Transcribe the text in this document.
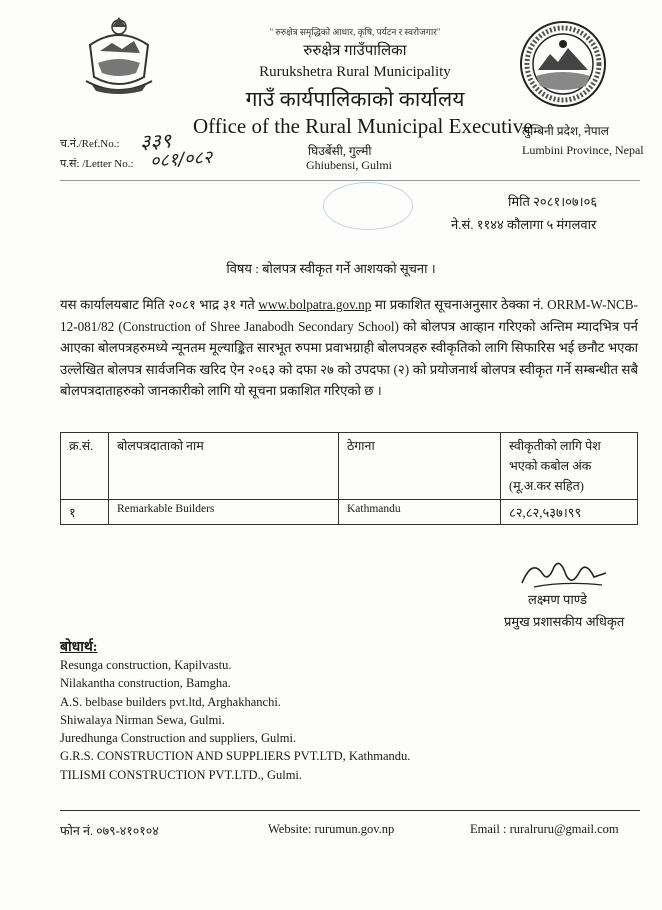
" रुरुक्षेत्र समृद्धिको आधार, कृषि, पर्यटन र स्वरोजगार"
रुरुक्षेत्र गाउँपालिका
Rurukshetra Rural Municipality
गाउँ कार्यपालिकाको कार्यालय
Office of the Rural Municipal Executive
घिउर्बेसी, गुल्मी
Ghiubensi, Gulmi
लुम्बिनी प्रदेश, नेपाल
Lumbini Province, Nepal
च.नं./Ref.No.: ३३९
प.सं: /Letter No.: ०८१/०८२
मिति २०८१।०७।०६
ने.सं. ११४४ कौलागा ५ मंगलवार
विषय : बोलपत्र स्वीकृत गर्ने आशयको सूचना ।

यस कार्यालयबाट मिति २०८१ भाद्र ३१ गते www.bolpatra.gov.np मा प्रकाशित सूचनाअनुसार ठेक्का नं. ORRM-W-NCB-12-081/82 (Construction of Shree Janabodh Secondary School) को बोलपत्र आव्हान गरिएको अन्तिम म्यादभित्र पर्न आएका बोलपत्रहरुमध्ये न्यूनतम मूल्याङ्कित सारभूत रुपमा प्रवाभग्राही बोलपत्रहरु स्वीकृतिको लागि सिफारिस भई छनौट भएका उल्लेखित बोलपत्र सार्वजनिक खरिद ऐन २०६३ को दफा २७ को उपदफा (२) को प्रयोजनार्थ बोलपत्र स्वीकृत गर्ने सम्बन्धीत सबै बोलपत्रदाताहरुको जानकारीको लागि यो सूचना प्रकाशित गरिएको छ ।

क्र.सं.	बोलपत्रदाताको नाम	ठेगाना	स्वीकृतीको लागि पेश भएको कबोल अंक (मू.अ.कर सहित)
१	Remarkable Builders	Kathmandu	८२,८२,५३७।९९
लक्ष्मण पाण्डे
प्रमुख प्रशासकीय अधिकृत
बोधार्थ:
Resunga construction, Kapilvastu.
Nilakantha construction, Bamgha.
A.S. belbase builders pvt.ltd, Arghakhanchi.
Shiwalaya Nirman Sewa, Gulmi.
Juredhunga Construction and suppliers, Gulmi.
G.R.S. CONSTRUCTION AND SUPPLIERS PVT.LTD, Kathmandu.
TILISMI CONSTRUCTION PVT.LTD., Gulmi.
फोन नं. ०७९-४१०१०४	Website: rurumun.gov.np	Email : ruralruru@gmail.com
